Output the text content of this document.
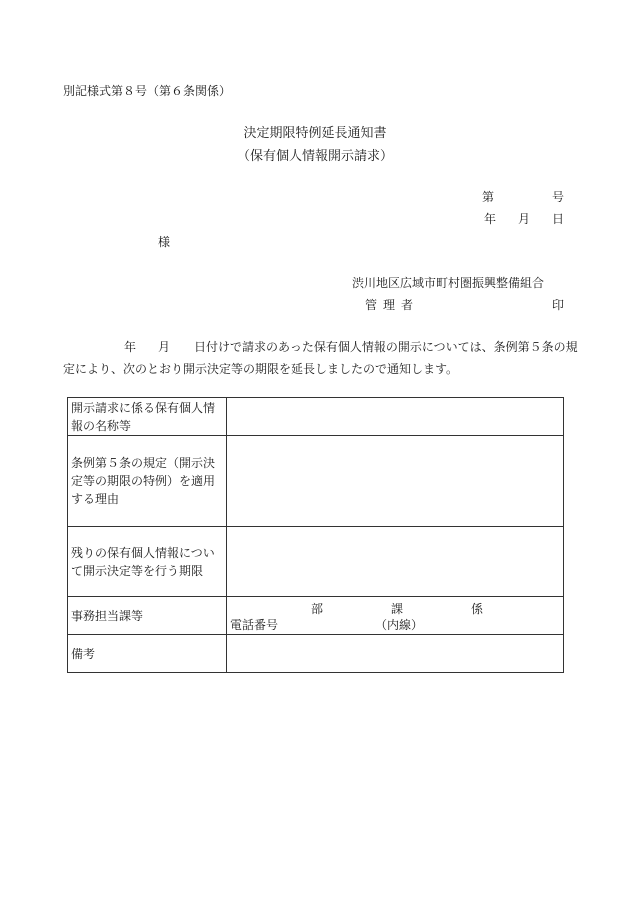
別記様式第８号（第６条関係）
決定期限特例延長通知書
（保有個人情報開示請求）
第	号
年 月 日
様
渋川地区広域市町村圏振興整備組合
管理者	印
年 月 日付けで請求のあった保有個人情報の開示については、条例第５条の規
定により、次のとおり開示決定等の期限を延長しましたので通知します。
開示請求に係る保有個人情報の名称等	
条例第５条の規定（開示決定等の期限の特例）を適用する理由	
残りの保有個人情報について開示決定等を行う期限	
事務担当課等	部 課 係
電話番号 （内線）

備考	
